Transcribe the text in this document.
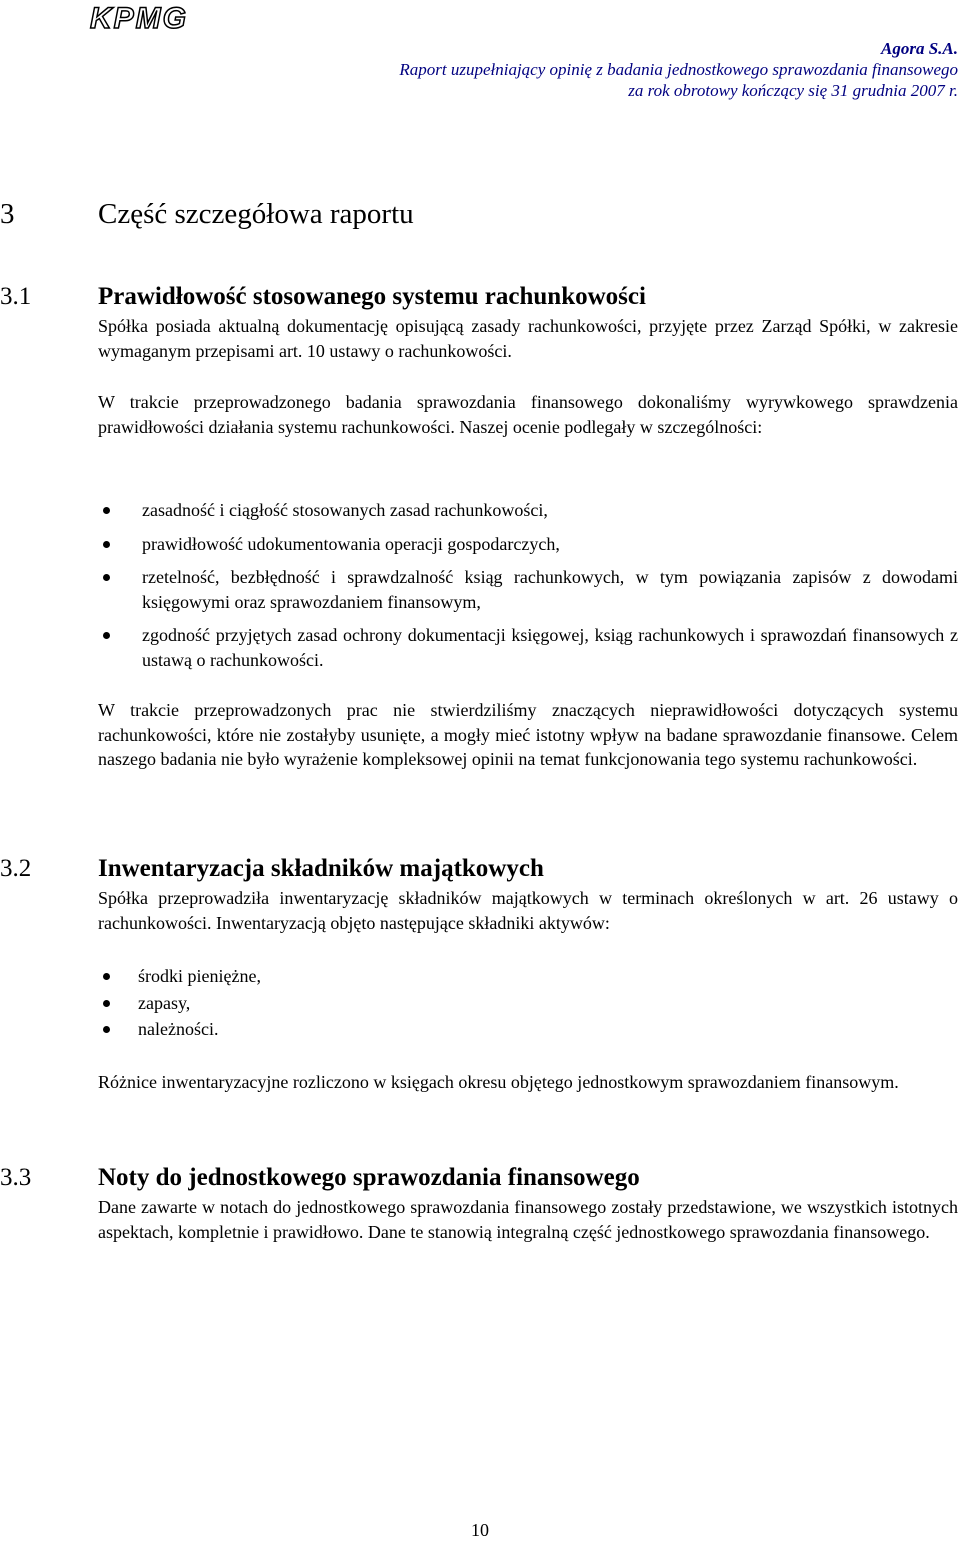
KPMG
Agora S.A.
Raport uzupełniający opinię z badania jednostkowego sprawozdania finansowego
za rok obrotowy kończący się 31 grudnia 2007 r.
3	Część szczegółowa raportu
3.1	Prawidłowość stosowanego systemu rachunkowości

Spółka posiada aktualną dokumentację opisującą zasady rachunkowości, przyjęte przez Zarząd Spółki, w zakresie wymaganym przepisami art. 10 ustawy o rachunkowości.

W trakcie przeprowadzonego badania sprawozdania finansowego dokonaliśmy wyrywkowego sprawdzenia prawidłowości działania systemu rachunkowości. Naszej ocenie podlegały w szczególności:

zasadność i ciągłość stosowanych zasad rachunkowości,
prawidłowość udokumentowania operacji gospodarczych,
rzetelność, bezbłędność i sprawdzalność ksiąg rachunkowych, w tym powiązania zapisów z dowodami księgowymi oraz sprawozdaniem finansowym,
zgodność przyjętych zasad ochrony dokumentacji księgowej, ksiąg rachunkowych i sprawozdań finansowych z ustawą o rachunkowości.

W trakcie przeprowadzonych prac nie stwierdziliśmy znaczących nieprawidłowości dotyczących systemu rachunkowości, które nie zostałyby usunięte, a mogły mieć istotny wpływ na badane sprawozdanie finansowe. Celem naszego badania nie było wyrażenie kompleksowej opinii na temat funkcjonowania tego systemu rachunkowości.

3.2	Inwentaryzacja składników majątkowych

Spółka przeprowadziła inwentaryzację składników majątkowych w terminach określonych w art. 26 ustawy o rachunkowości. Inwentaryzacją objęto następujące składniki aktywów:

środki pieniężne,
zapasy,
należności.

Różnice inwentaryzacyjne rozliczono w księgach okresu objętego jednostkowym sprawozdaniem finansowym.

3.3	Noty do jednostkowego sprawozdania finansowego

Dane zawarte w notach do jednostkowego sprawozdania finansowego zostały przedstawione, we wszystkich istotnych aspektach, kompletnie i prawidłowo. Dane te stanowią integralną część jednostkowego sprawozdania finansowego.

10
